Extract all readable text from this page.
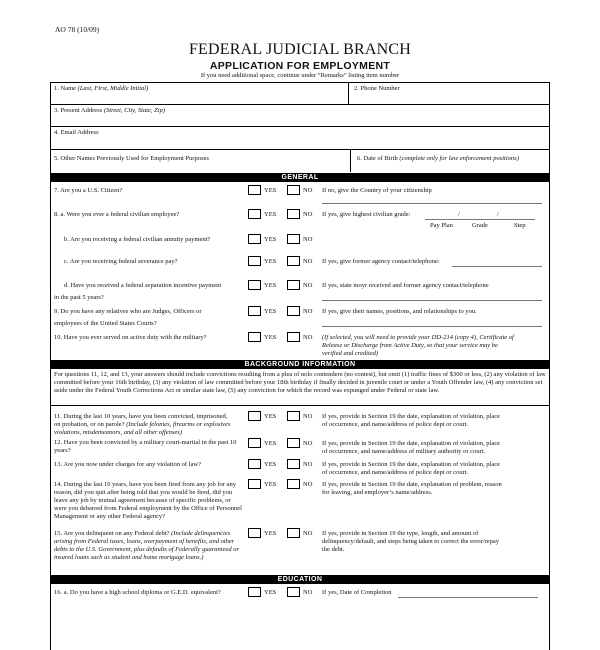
AO 78 (10/09)
FEDERAL JUDICIAL BRANCH
APPLICATION FOR EMPLOYMENT
If you need additional space, continue under “Remarks” listing item number
1. Name (Last, First, Middle Initial)	2. Phone Number
3. Present Address (Street, City, State, Zip)
4. Email Address
5. Other Names Previously Used for Employment Purposes	6. Date of Birth (complete only for law enforcement positions)
GENERAL
7. Are you a U.S. Citizen?	YES	NO If no, give the Country of your citizenship
8. a. Were you ever a federal civilian employee?	YES	NO If yes, give highest civilian grade:	/	/
Pay Plan	Grade	Step
b. Are you receiving a federal civilian annuity payment?	YES	NO
c. Are you receiving federal severance pay?	YES	NO If yes, give former agency contact/telephone:
d. Have you received a federal separation incentive payment
in the past 5 years?
YES	NO If yes, state moyr received and former agency contact/telephone
9. Do you have any relatives who are Judges, Officers or
employees of the United States Courts?
YES	NO If yes, give their names, positions, and relationships to you.
10. Have you ever served on active duty with the military?	YES	NO (If selected, you will need to provide your DD-214 (copy 4), Certificate of
Release or Discharge from Active Duty, so that your service may be
verified and credited)
BACKGROUND INFORMATION
For questions 11, 12, and 13, your answers should include convictions resulting from a plea of nolo contendere (no contest), but omit (1) traffic fines of $300 or less, (2) any violation of law committed before your 16th birthday, (3) any violation of law committed before your 18th birthday if finally decided in juvenile court or under a Youth Offender law, (4) any conviction set aside under the Federal Youth Corrections Act or similar state law, (5) any conviction for which the record was expunged under Federal or state law.
11. During the last 10 years, have you been convicted, imprisoned,
on probation, or on parole? (Include felonies, firearms or explosives
violations, misdemeanors, and all other offenses)
YES	NO If yes, provide in Section 19 the date, explanation of violation, place of occurrence, and name/address of police dept or court.
12. Have you been convicted by a military court-martial in the past 10 years?
YES	NO If yes, provide in Section 19 the date, explanation of violation, place of occurrence, and name/address of military authority or court.
13. Are you now under charges for any violation of law?	YES	NO If yes, provide in Section 19 the date, explanation of violation, place of occurrence, and name/address of police dept or court.
14. During the last 10 years, have you been fired from any job for any reason, did you quit after being told that you would be fired, did you leave any job by mutual agreement because of specific problems, or were you debarred from Federal employment by the Office of Personnel Management or any other Federal agency?
YES	NO If yes, provide in Section 19 the date, explanation of problem, reason for leaving, and employer’s name/address.
15. Are you delinquent on any Federal debt? (Include delinquencies arising from Federal taxes, loans, overpayment of benefits, and other debts to the U.S. Government, plus defaults of Federally guaranteed or insured loans such as student and home mortgage loans.)
YES	NO If yes, provide in Section 19 the type, length, and amount of delinquency/default, and steps being taken to correct the error/repay the debt.
EDUCATION
16. a. Do you have a high school diploma or G.E.D. equivalent?	YES	NO If yes, Date of Completion
